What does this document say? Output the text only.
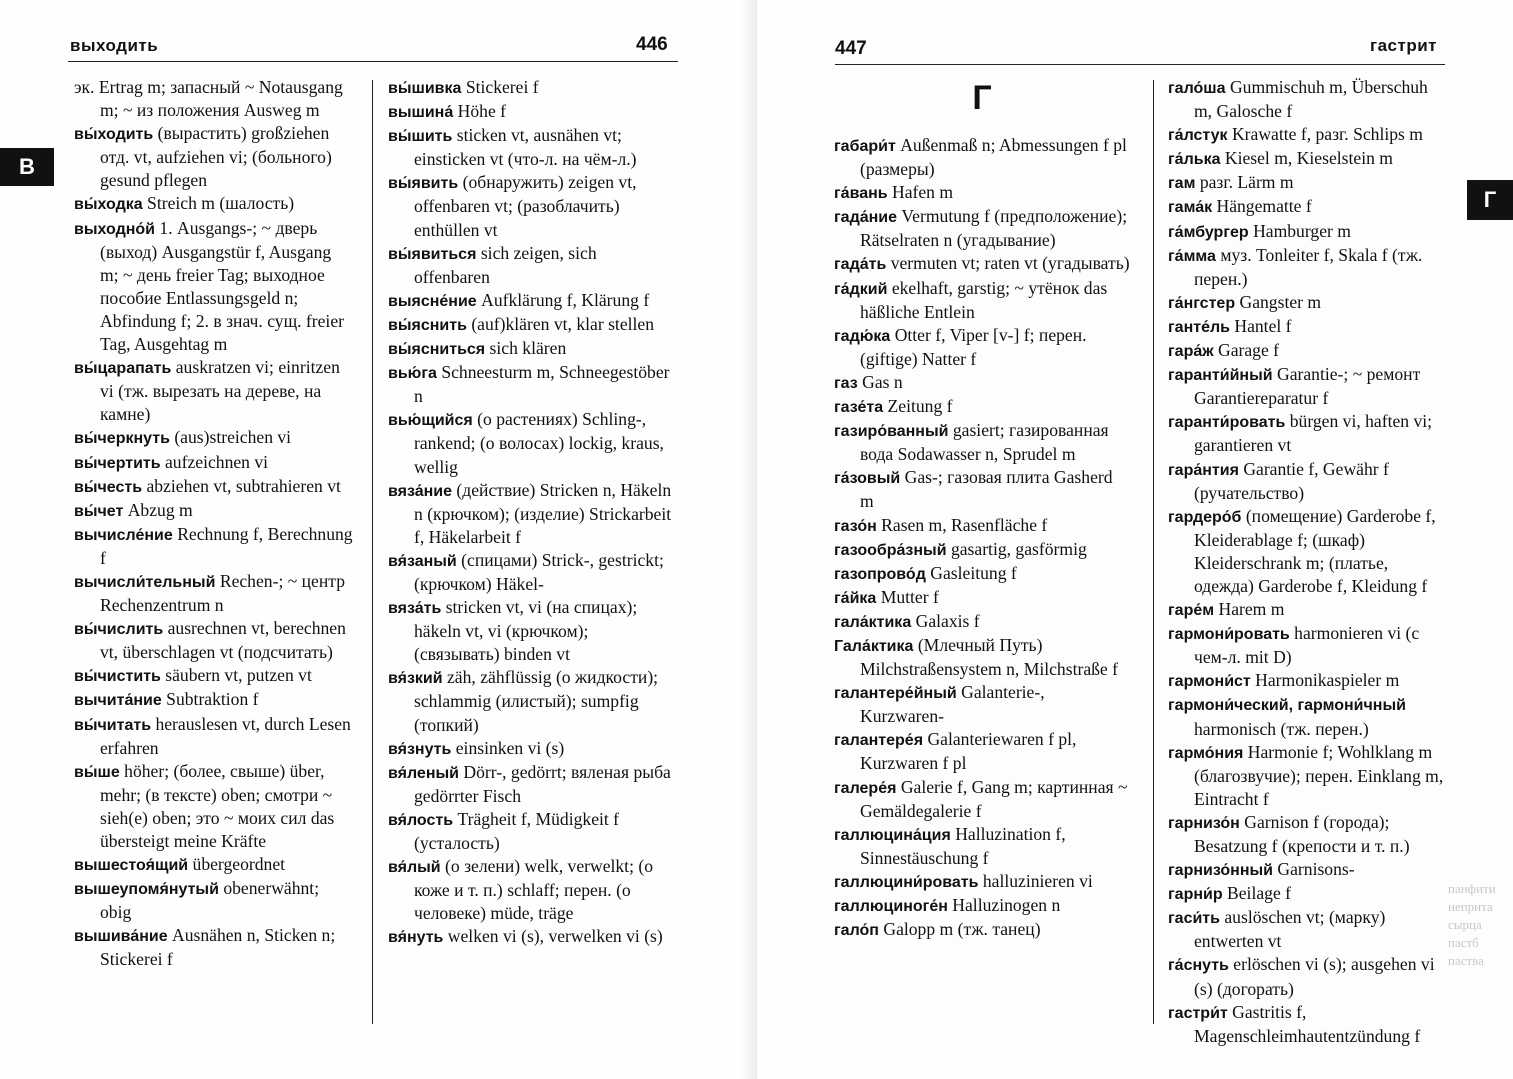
выходить	446
В

эк. Ertrag m; запасный ~ Notausgang m; ~ из положения Ausweg m

вы́ходить (вырастить) großziehen отд. vt, aufziehen vi; (больного) gesund pflegen

вы́ходка Streich m (шалость)

выходно́й 1. Ausgangs-; ~ дверь (выход) Ausgangstür f, Ausgang m; ~ день freier Tag; выходное пособие Entlassungsgeld n; Abfindung f; 2. в знач. сущ. freier Tag, Ausgehtag m

вы́царапать auskratzen vi; einritzen vi (тж. вырезать на дереве, на камне)

вы́черкнуть (aus)streichen vi

вы́чертить aufzeichnen vi

вы́честь abziehen vt, subtrahieren vt

вы́чет Abzug m

вычисле́ние Rechnung f, Berechnung f

вычисли́тельный Rechen-; ~ центр Rechenzentrum n

вы́числить ausrechnen vt, berechnen vt, überschlagen vt (подсчитать)

вы́чистить säubern vt, putzen vt

вычита́ние Subtraktion f

вы́читать herauslesen vt, durch Lesen erfahren

вы́ше höher; (более, свыше) über, mehr; (в тексте) oben; смотри ~ sieh(e) oben; это ~ моих сил das übersteigt meine Kräfte

вышестоя́щий übergeordnet

вышеупомя́нутый obenerwähnt; obig

вышива́ние Ausnähen n, Sticken n; Stickerei f

вы́шивка Stickerei f

вышина́ Höhe f

вы́шить sticken vt, ausnähen vt; einsticken vt (что-л. на чём-л.)

вы́явить (обнаружить) zeigen vt, offenbaren vt; (разоблачить) enthüllen vt

вы́явиться sich zeigen, sich offenbaren

выясне́ние Aufklärung f, Klärung f

вы́яснить (auf)klären vt, klar stellen

вы́ясниться sich klären

вью́га Schneesturm m, Schneegestöber n

вью́щийся (о растениях) Schling-, rankend; (о волосах) lockig, kraus, wellig

вяза́ние (действие) Stricken n, Häkeln n (крючком); (изделие) Strickarbeit f, Häkelarbeit f

вя́заный (спицами) Strick-, gestrickt; (крючком) Häkel-

вяза́ть stricken vt, vi (на спицах); häkeln vt, vi (крючком); (связывать) binden vt

вя́зкий zäh, zähflüssig (о жидкости); schlammig (илистый); sumpfig (топкий)

вя́знуть einsinken vi (s)

вя́леный Dörr-, gedörrt; вяленая рыба gedörrter Fisch

вя́лость Trägheit f, Müdigkeit f (усталость)

вя́лый (о зелени) welk, verwelkt; (о коже и т. п.) schlaff; перен. (о человеке) müde, träge

вя́нуть welken vi (s), verwelken vi (s)

447	гастрит
Г
Г

габари́т Außenmaß n; Abmessungen f pl (размеры)

га́вань Hafen m

гада́ние Vermutung f (предположение); Rätselraten n (угадывание)

гада́ть vermuten vt; raten vt (угадывать)

га́дкий ekelhaft, garstig; ~ утёнок das häßliche Entlein

гадю́ка Otter f, Viper [v-] f; перен. (giftige) Natter f

газ Gas n

газе́та Zeitung f

газиро́ванный gasiert; газированная вода Sodawasser n, Sprudel m

га́зовый Gas-; газовая плита Gasherd m

газо́н Rasen m, Rasenfläche f

газообра́зный gasartig, gasförmig

газопрово́д Gasleitung f

га́йка Mutter f

гала́ктика Galaxis f

Гала́ктика (Млечный Путь) Milchstraßensystem n, Milchstraße f

галантере́йный Galanterie-, Kurzwaren-

галантере́я Galanteriewaren f pl, Kurzwaren f pl

галере́я Galerie f, Gang m; картинная ~ Gemäldegalerie f

галлюцина́ция Halluzination f, Sinnestäuschung f

галлюцини́ровать halluzinieren vi

галлюциноге́н Halluzinogen n

гало́п Galopp m (тж. танец)

гало́ша Gummischuh m, Überschuh m, Galosche f

га́лстук Krawatte f, разг. Schlips m

га́лька Kiesel m, Kieselstein m

гам разг. Lärm m

гама́к Hängematte f

га́мбургер Hamburger m

га́мма муз. Tonleiter f, Skala f (тж. перен.)

га́нгстер Gangster m

ганте́ль Hantel f

гара́ж Garage f

гаранти́йный Garantie-; ~ ремонт Garantiereparatur f

гаранти́ровать bürgen vi, haften vi; garantieren vt

гара́нтия Garantie f, Gewähr f (ручательство)

гардеро́б (помещение) Garderobe f, Kleiderablage f; (шкаф) Kleiderschrank m; (платье, одежда) Garderobe f, Kleidung f

гаре́м Harem m

гармони́ровать harmonieren vi (с чем-л. mit D)

гармони́ст Harmonikaspieler m

гармони́ческий, гармони́чный harmonisch (тж. перен.)

гармо́ния Harmonie f; Wohlklang m (благозвучие); перен. Einklang m, Eintracht f

гарнизо́н Garnison f (города); Besatzung f (крепости и т. п.)

гарнизо́нный Garnisons-

гарни́р Beilage f

гаси́ть auslöschen vt; (марку) entwerten vt

га́снуть erlöschen vi (s); ausgehen vi (s) (догорать)

гастри́т Gastritis f, Magenschleimhautentzündung f

панфити
неприта
сырца
пастб
паства
